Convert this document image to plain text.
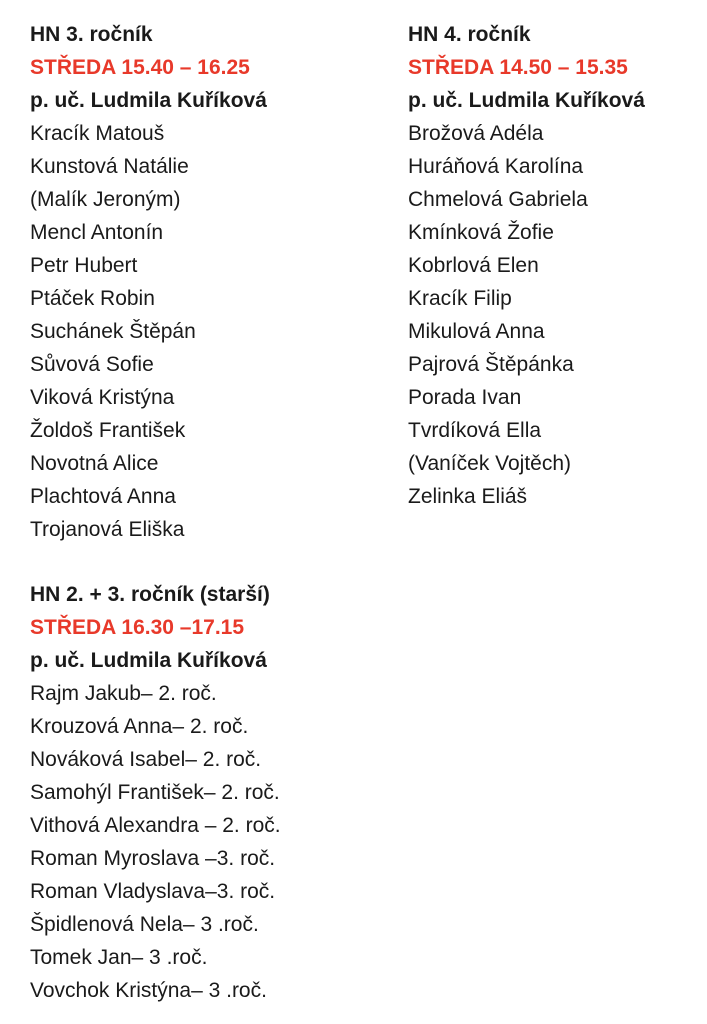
HN 3. ročník
STŘEDA 15.40 – 16.25
p. uč. Ludmila Kuříková
Kracík Matouš
Kunstová Natálie
(Malík Jeroným)
Mencl Antonín
Petr Hubert
Ptáček Robin
Suchánek Štěpán
Sůvová Sofie
Viková Kristýna
Žoldoš František
Novotná Alice
Plachtová Anna
Trojanová Eliška
HN 4. ročník
STŘEDA 14.50 – 15.35
p. uč. Ludmila Kuříková
Brožová Adéla
Huráňová Karolína
Chmelová Gabriela
Kmínková Žofie
Kobrlová Elen
Kracík Filip
Mikulová Anna
Pajrová Štěpánka
Porada Ivan
Tvrdíková Ella
(Vaníček Vojtěch)
Zelinka Eliáš
HN 2. + 3. ročník (starší)
STŘEDA 16.30 –17.15
p. uč. Ludmila Kuříková
Rajm Jakub– 2. roč.
Krouzová Anna– 2. roč.
Nováková Isabel– 2. roč.
Samohýl František– 2. roč.
Vithová Alexandra – 2. roč.
Roman Myroslava –3. roč.
Roman Vladyslava–3. roč.
Špidlenová Nela– 3 .roč.
Tomek Jan– 3 .roč.
Vovchok Kristýna– 3 .roč.
